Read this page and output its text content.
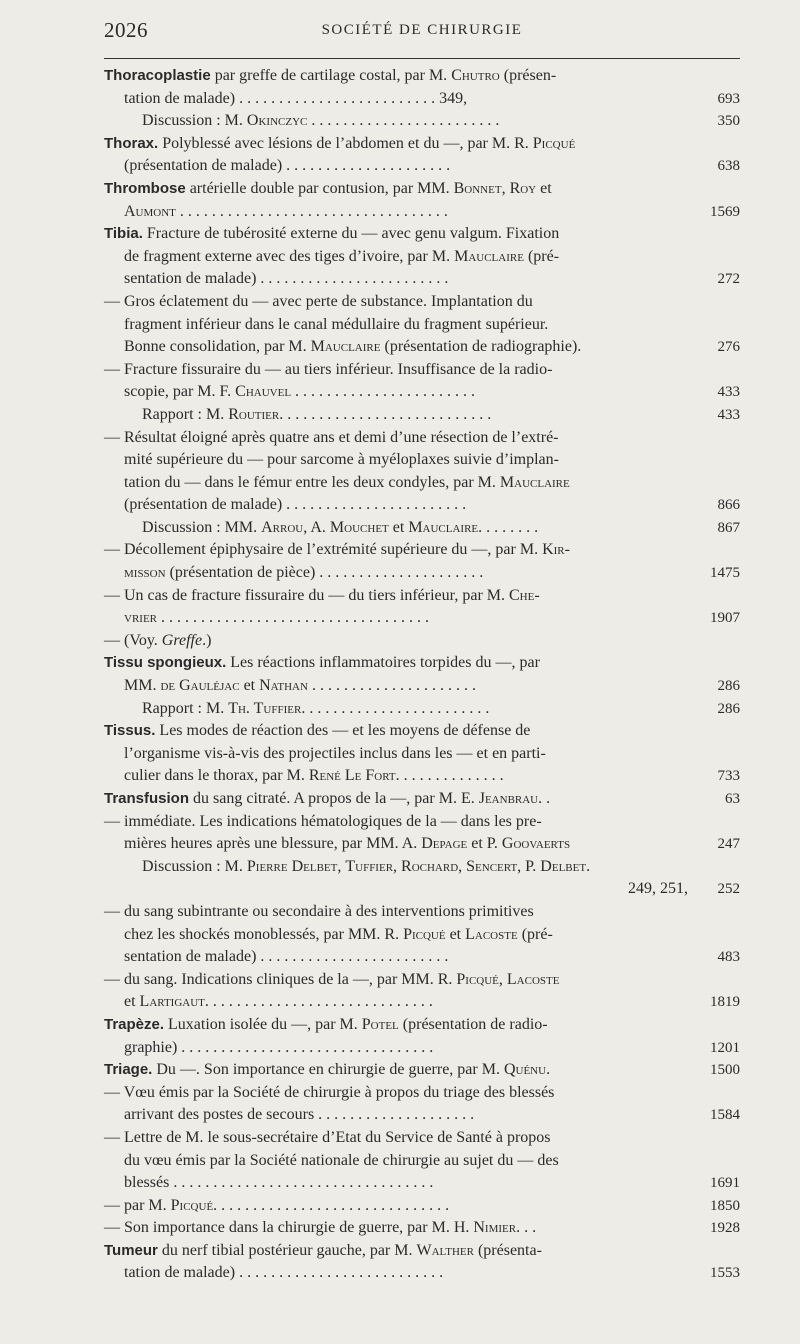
2026	SOCIÉTÉ DE CHIRURGIE
Thoracoplastie par greffe de cartilage costal, par M. Chutro (présen-
tation de malade) . . . . . . . . . . . . . . . . . . . . . . . . . 349,	693
Discussion : M. Okinczyc . . . . . . . . . . . . . . . . . . . . . . . .	350
Thorax. Polyblessé avec lésions de l’abdomen et du —, par M. R. Picqué
(présentation de malade) . . . . . . . . . . . . . . . . . . . . .	638
Thrombose artérielle double par contusion, par MM. Bonnet, Roy et
Aumont . . . . . . . . . . . . . . . . . . . . . . . . . . . . . . . . . .	1569
Tibia. Fracture de tubérosité externe du — avec genu valgum. Fixation
de fragment externe avec des tiges d’ivoire, par M. Mauclaire (pré-
sentation de malade) . . . . . . . . . . . . . . . . . . . . . . . .	272
— Gros éclatement du — avec perte de substance. Implantation du
fragment inférieur dans le canal médullaire du fragment supérieur.
Bonne consolidation, par M. Mauclaire (présentation de radiographie).	276
— Fracture fissuraire du — au tiers inférieur. Insuffisance de la radio-
scopie, par M. F. Chauvel . . . . . . . . . . . . . . . . . . . . . . .	433
Rapport : M. Routier. . . . . . . . . . . . . . . . . . . . . . . . . . .	433
— Résultat éloigné après quatre ans et demi d’une résection de l’extré-
mité supérieure du — pour sarcome à myéloplaxes suivie d’implan-
tation du — dans le fémur entre les deux condyles, par M. Mauclaire
(présentation de malade) . . . . . . . . . . . . . . . . . . . . . . .	866
Discussion : MM. Arrou, A. Mouchet et Mauclaire. . . . . . . .	867
— Décollement épiphysaire de l’extrémité supérieure du —, par M. Kir-
misson (présentation de pièce) . . . . . . . . . . . . . . . . . . . . .	1475
— Un cas de fracture fissuraire du — du tiers inférieur, par M. Che-
vrier . . . . . . . . . . . . . . . . . . . . . . . . . . . . . . . . . .	1907
— (Voy. Greffe.)
Tissu spongieux. Les réactions inflammatoires torpides du —, par
MM. de Gauléjac et Nathan . . . . . . . . . . . . . . . . . . . . .	286
Rapport : M. Th. Tuffier. . . . . . . . . . . . . . . . . . . . . . . .	286
Tissus. Les modes de réaction des — et les moyens de défense de
l’organisme vis-à-vis des projectiles inclus dans les — et en parti-
culier dans le thorax, par M. René Le Fort. . . . . . . . . . . . . .	733
Transfusion du sang citraté. A propos de la —, par M. E. Jeanbrau. .	63
— immédiate. Les indications hématologiques de la — dans les pre-
mières heures après une blessure, par MM. A. Depage et P. Goovaerts	247
Discussion : M. Pierre Delbet, Tuffier, Rochard, Sencert, P. Delbet.
249, 251, 252
— du sang subintrante ou secondaire à des interventions primitives
chez les shockés monoblessés, par MM. R. Picqué et Lacoste (pré-
sentation de malade) . . . . . . . . . . . . . . . . . . . . . . . .	483
— du sang. Indications cliniques de la —, par MM. R. Picqué, Lacoste
et Lartigaut. . . . . . . . . . . . . . . . . . . . . . . . . . . . .	1819
Trapèze. Luxation isolée du —, par M. Potel (présentation de radio-
graphie) . . . . . . . . . . . . . . . . . . . . . . . . . . . . . . . .	1201
Triage. Du —. Son importance en chirurgie de guerre, par M. Quénu.	1500
— Vœu émis par la Société de chirurgie à propos du triage des blessés
arrivant des postes de secours . . . . . . . . . . . . . . . . . . . .	1584
— Lettre de M. le sous-secrétaire d’Etat du Service de Santé à propos
du vœu émis par la Société nationale de chirurgie au sujet du — des
blessés . . . . . . . . . . . . . . . . . . . . . . . . . . . . . . . . .	1691
— par M. Picqué. . . . . . . . . . . . . . . . . . . . . . . . . . . . . .	1850
— Son importance dans la chirurgie de guerre, par M. H. Nimier. . .	1928
Tumeur du nerf tibial postérieur gauche, par M. Walther (présenta-
tation de malade) . . . . . . . . . . . . . . . . . . . . . . . . . .	1553
